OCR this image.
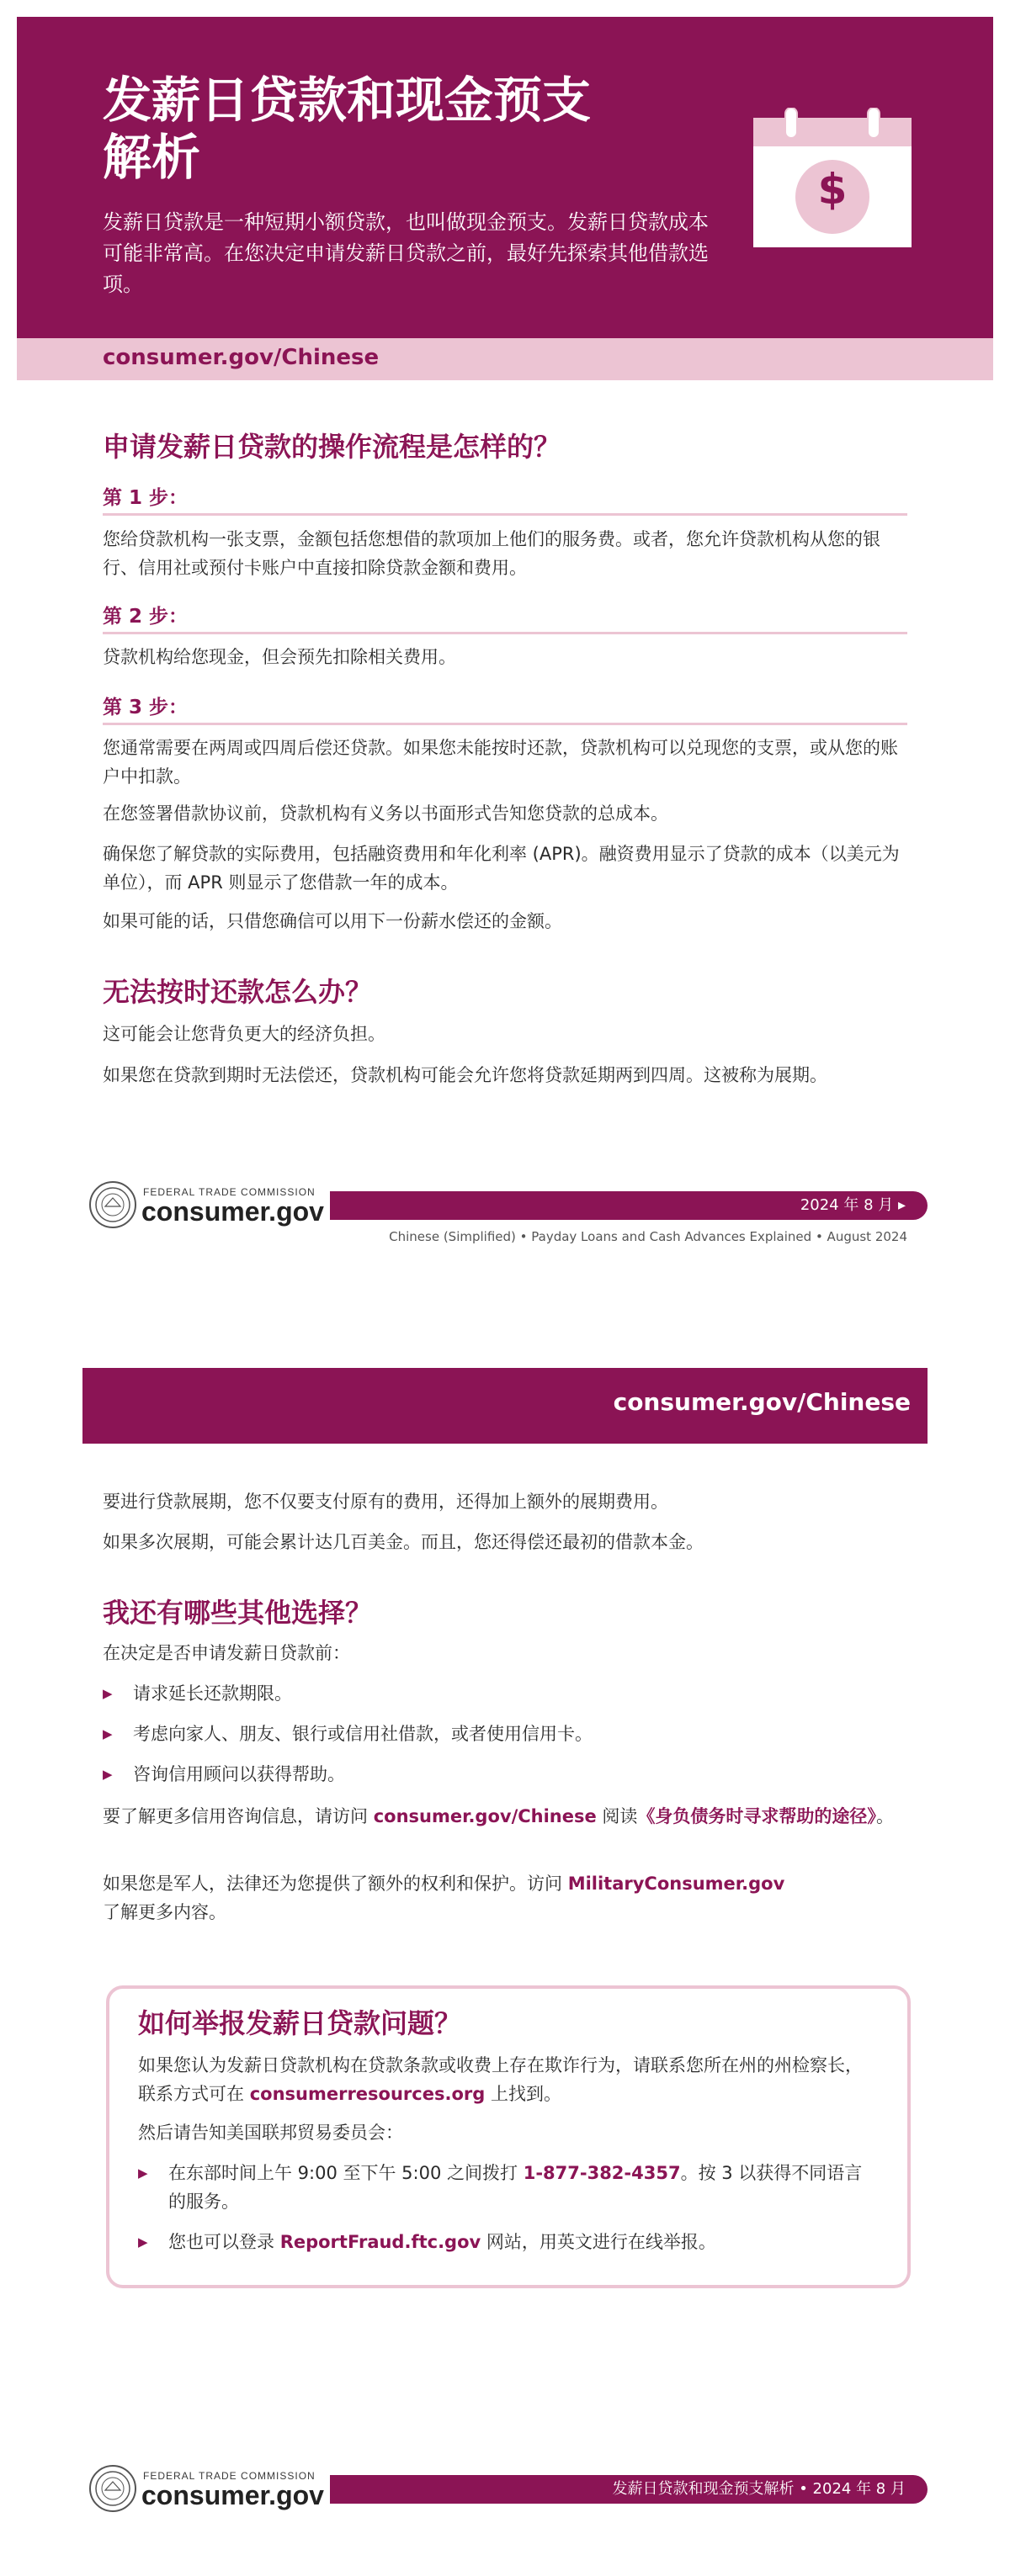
发薪日贷款和现金预支
解析
发薪日贷款是一种短期小额贷款，也叫做现金预支。发薪日贷款成本可能非常高。在您决定申请发薪日贷款之前，最好先探索其他借款选项。
$
consumer.gov/Chinese
申请发薪日贷款的操作流程是怎样的？
第 1 步：
您给贷款机构一张支票，金额包括您想借的款项加上他们的服务费。或者，您允许贷款机构从您的银行、信用社或预付卡账户中直接扣除贷款金额和费用。
第 2 步：
贷款机构给您现金，但会预先扣除相关费用。
第 3 步：
您通常需要在两周或四周后偿还贷款。如果您未能按时还款，贷款机构可以兑现您的支票，或从您的账户中扣款。
在您签署借款协议前，贷款机构有义务以书面形式告知您贷款的总成本。
确保您了解贷款的实际费用，包括融资费用和年化利率 (APR)。融资费用显示了贷款的成本（以美元为单位），而 APR 则显示了您借款一年的成本。
如果可能的话，只借您确信可以用下一份薪水偿还的金额。
无法按时还款怎么办？
这可能会让您背负更大的经济负担。
如果您在贷款到期时无法偿还，贷款机构可能会允许您将贷款延期两到四周。这被称为展期。
FEDERAL TRADE COMMISSION
consumer.gov	2024 年 8 月 ▸
Chinese (Simplified) • Payday Loans and Cash Advances Explained • August 2024
consumer.gov/Chinese
要进行贷款展期，您不仅要支付原有的费用，还得加上额外的展期费用。
如果多次展期，可能会累计达几百美金。而且，您还得偿还最初的借款本金。
我还有哪些其他选择？
在决定是否申请发薪日贷款前：
▶ 请求延长还款期限。
▶ 考虑向家人、朋友、银行或信用社借款，或者使用信用卡。
▶ 咨询信用顾问以获得帮助。
要了解更多信用咨询信息，请访问 consumer.gov/Chinese 阅读《身负债务时寻求帮助的途径》。
如果您是军人，法律还为您提供了额外的权利和保护。访问 MilitaryConsumer.gov
了解更多内容。
如何举报发薪日贷款问题？
如果您认为发薪日贷款机构在贷款条款或收费上存在欺诈行为，请联系您所在州的州检察长，联系方式可在 consumerresources.org 上找到。
然后请告知美国联邦贸易委员会：
▶ 在东部时间上午 9:00 至下午 5:00 之间拨打 1-877-382-4357。按 3 以获得不同语言的服务。
▶ 您也可以登录 ReportFraud.ftc.gov 网站，用英文进行在线举报。
FEDERAL TRADE COMMISSION
consumer.gov	发薪日贷款和现金预支解析 • 2024 年 8 月
